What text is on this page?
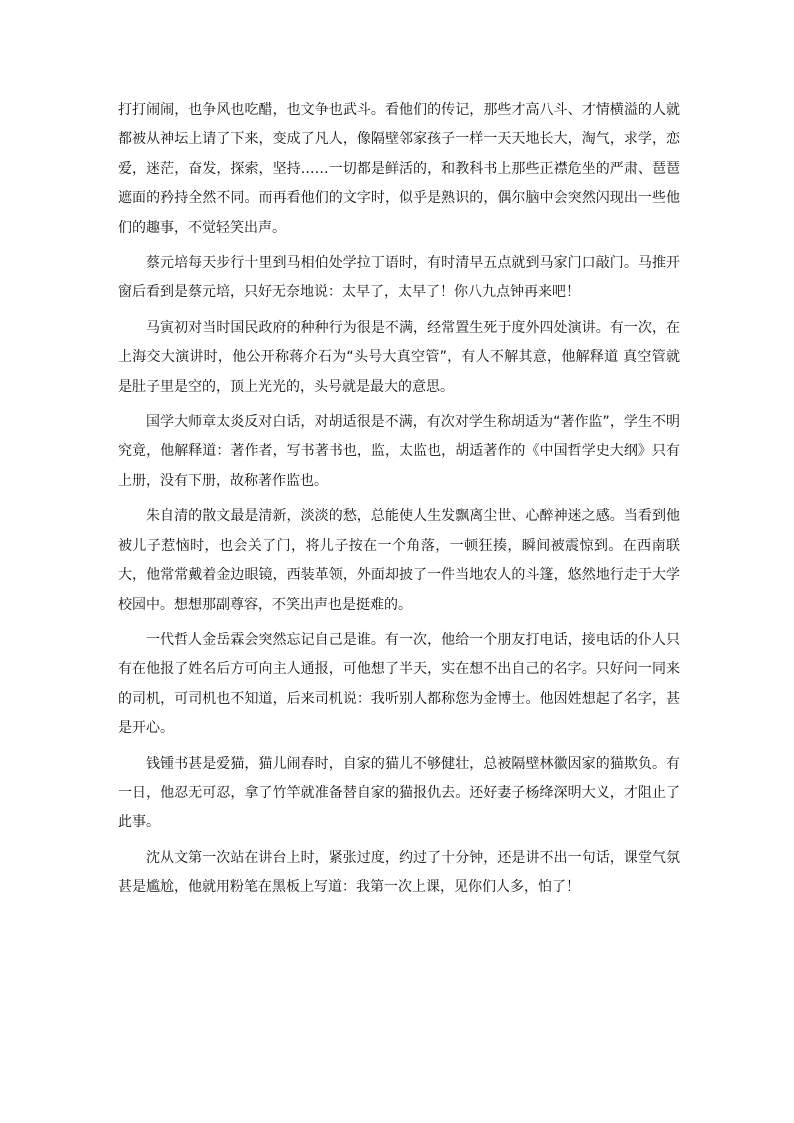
打打闹闹，也争风也吃醋，也文争也武斗。看他们的传记，那些才高八斗、才情横溢的人就都被从神坛上请了下来，变成了凡人，像隔壁邻家孩子一样一天天地长大，淘气，求学，恋爱，迷茫，奋发，探索，坚持……一切都是鲜活的，和教科书上那些正襟危坐的严肃、琶琶遮面的矜持全然不同。而再看他们的文字时，似乎是熟识的，偶尔脑中会突然闪现出一些他们的趣事，不觉轻笑出声。

蔡元培每天步行十里到马相伯处学拉丁语时，有时清早五点就到马家门口敲门。马推开窗后看到是蔡元培，只好无奈地说：太早了，太早了！你八九点钟再来吧！

马寅初对当时国民政府的种种行为很是不满，经常置生死于度外四处演讲。有一次，在上海交大演讲时，他公开称蒋介石为“头号大真空管”，有人不解其意，他解释道 真空管就是肚子里是空的，顶上光光的，头号就是最大的意思。

国学大师章太炎反对白话，对胡适很是不满，有次对学生称胡适为“著作监”，学生不明究竟，他解释道：著作者，写书著书也，监，太监也，胡适著作的《中国哲学史大纲》只有上册，没有下册，故称著作监也。

朱自清的散文最是清新，淡淡的愁，总能使人生发飘离尘世、心醉神迷之感。当看到他被儿子惹恼时，也会关了门，将儿子按在一个角落，一顿狂揍，瞬间被震惊到。在西南联大，他常常戴着金边眼镜，西装革领，外面却披了一件当地农人的斗篷，悠然地行走于大学校园中。想想那副尊容，不笑出声也是挺难的。

一代哲人金岳霖会突然忘记自己是谁。有一次，他给一个朋友打电话，接电话的仆人只有在他报了姓名后方可向主人通报，可他想了半天，实在想不出自己的名字。只好问一同来的司机，可司机也不知道，后来司机说：我听别人都称您为金博士。他因姓想起了名字，甚是开心。

钱锺书甚是爱猫，猫儿闹春时，自家的猫儿不够健壮，总被隔壁林徽因家的猫欺负。有一日，他忍无可忍，拿了竹竿就准备替自家的猫报仇去。还好妻子杨绛深明大义，才阻止了此事。

沈从文第一次站在讲台上时，紧张过度，约过了十分钟，还是讲不出一句话，课堂气氛甚是尴尬，他就用粉笔在黑板上写道：我第一次上课，见你们人多，怕了！
